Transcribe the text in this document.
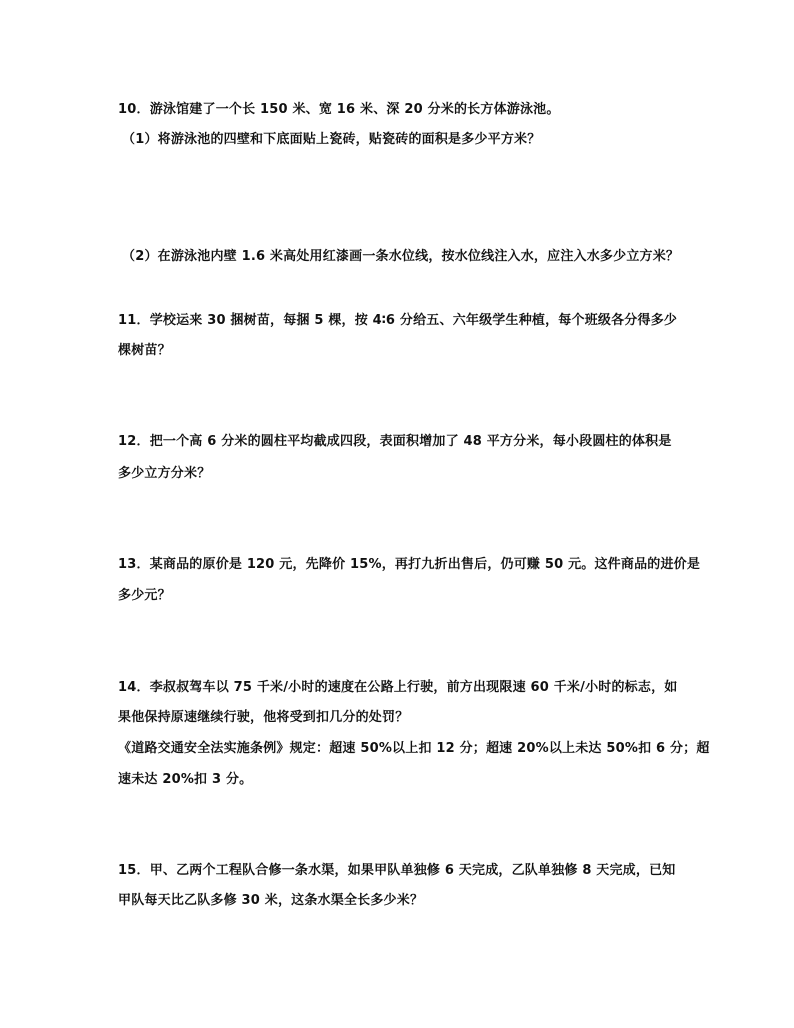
10．游泳馆建了一个长 150 米、宽 16 米、深 20 分米的长方体游泳池。
（1）将游泳池的四壁和下底面贴上瓷砖，贴瓷砖的面积是多少平方米？
（2）在游泳池内壁 1.6 米高处用红漆画一条水位线，按水位线注入水，应注入水多少立方米？
11．学校运来 30 捆树苗，每捆 5 棵，按 4∶6 分给五、六年级学生种植，每个班级各分得多少
棵树苗？
12．把一个高 6 分米的圆柱平均截成四段，表面积增加了 48 平方分米，每小段圆柱的体积是
多少立方分米？
13．某商品的原价是 120 元，先降价 15%，再打九折出售后，仍可赚 50 元。这件商品的进价是
多少元？
14．李叔叔驾车以 75 千米/小时的速度在公路上行驶，前方出现限速 60 千米/小时的标志，如
果他保持原速继续行驶，他将受到扣几分的处罚？
《道路交通安全法实施条例》规定：超速 50%以上扣 12 分；超速 20%以上未达 50%扣 6 分；超
速未达 20%扣 3 分。
15．甲、乙两个工程队合修一条水渠，如果甲队单独修 6 天完成，乙队单独修 8 天完成，已知
甲队每天比乙队多修 30 米，这条水渠全长多少米？
